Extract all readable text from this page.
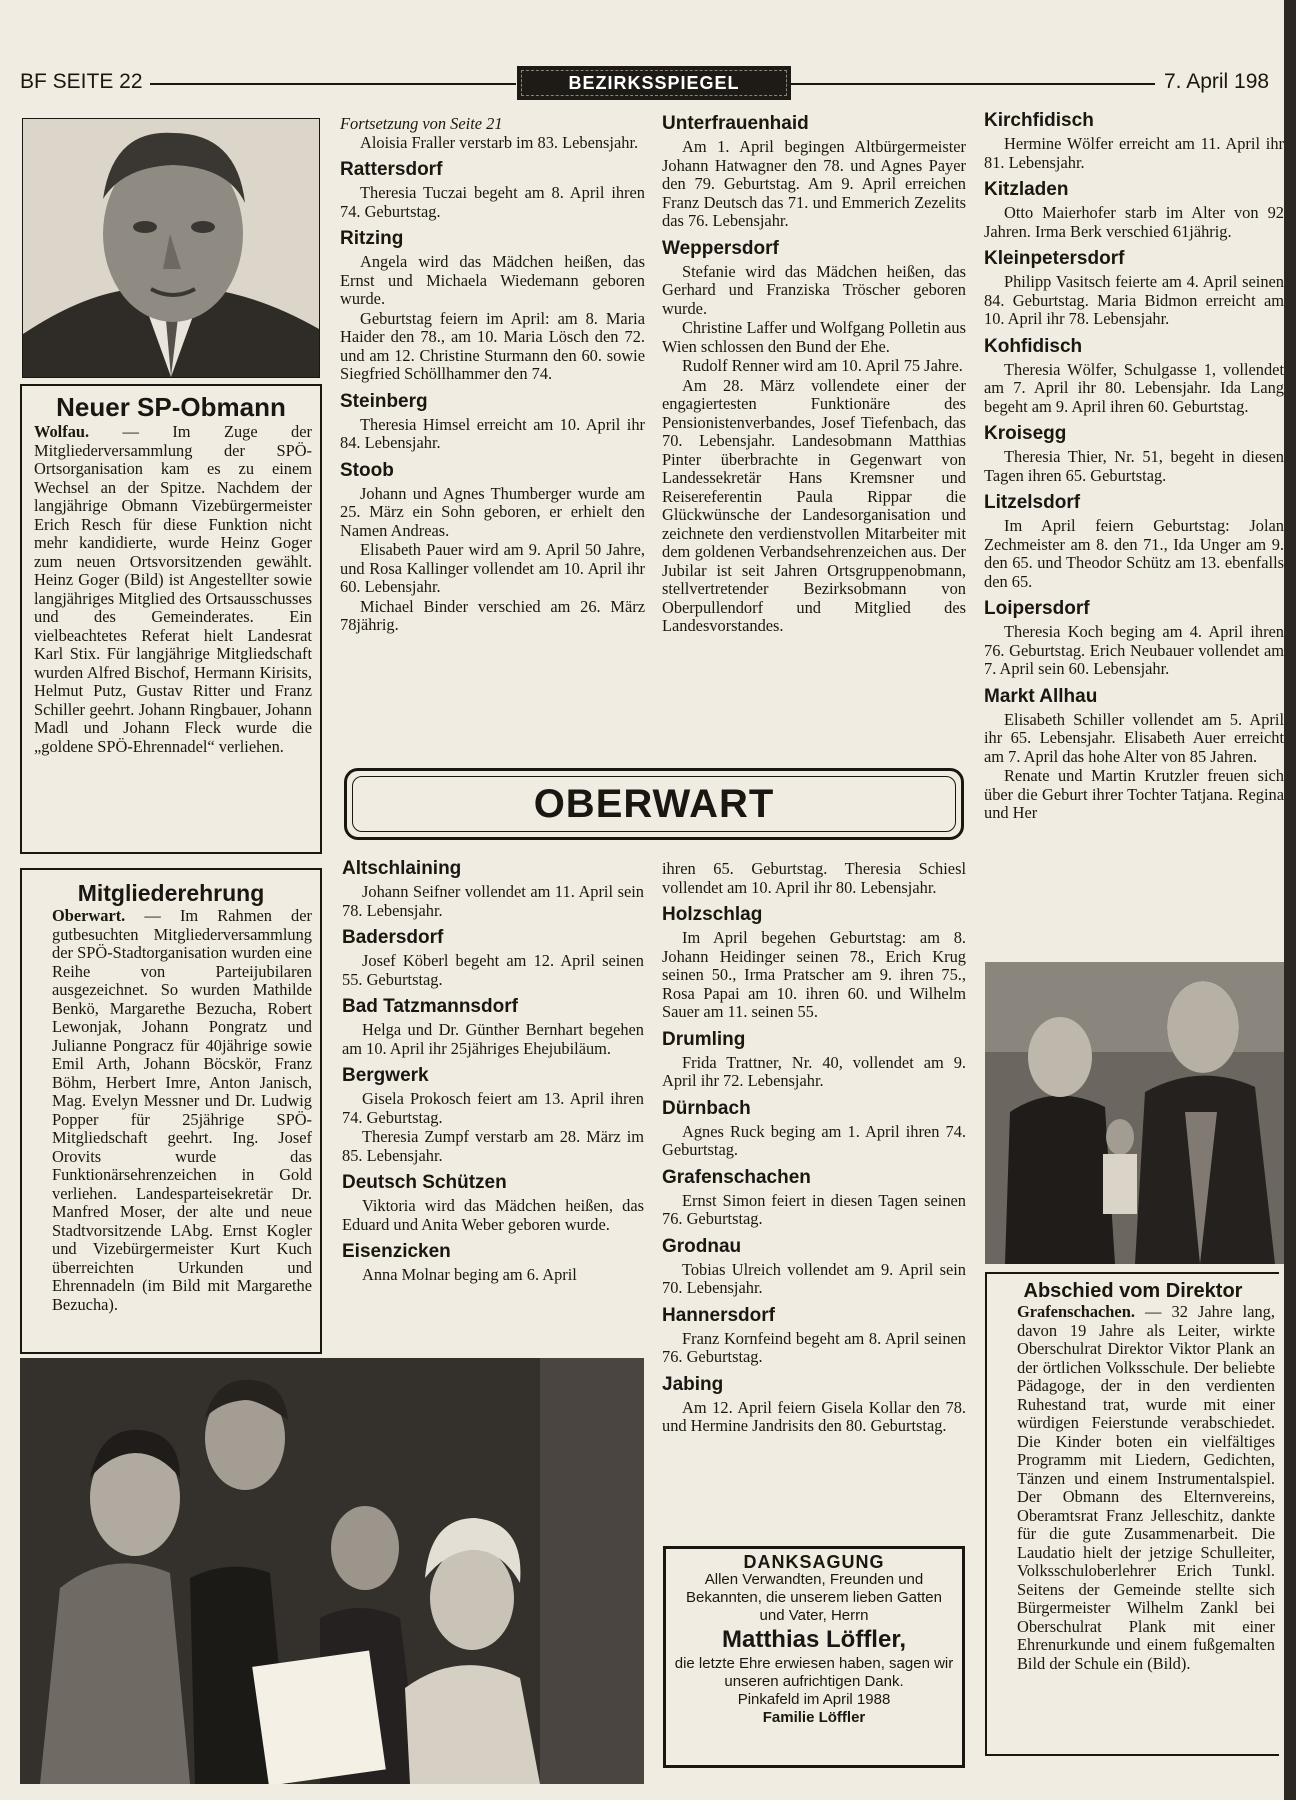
BF SEITE 22	BEZIRKSSPIEGEL	7. April 198
Neuer SP-Obmann
Wolfau. — Im Zuge der Mitgliederversammlung der SPÖ-Ortsorganisation kam es zu einem Wechsel an der Spitze. Nachdem der langjährige Obmann Vizebürgermeister Erich Resch für diese Funktion nicht mehr kandidierte, wurde Heinz Goger zum neuen Ortsvorsitzenden gewählt. Heinz Goger (Bild) ist Angestellter sowie langjähriges Mitglied des Ortsausschusses und des Gemeinderates. Ein vielbeachtetes Referat hielt Landesrat Karl Stix. Für langjährige Mitgliedschaft wurden Alfred Bischof, Hermann Kirisits, Helmut Putz, Gustav Ritter und Franz Schiller geehrt. Johann Ringbauer, Johann Madl und Johann Fleck wurde die „goldene SPÖ-Ehrennadel“ verliehen.
Mitgliederehrung
Oberwart. — Im Rahmen der gutbesuchten Mitgliederversammlung der SPÖ-Stadtorganisation wurden eine Reihe von Parteijubilaren ausgezeichnet. So wurden Mathilde Benkö, Margarethe Bezucha, Robert Lewonjak, Johann Pongratz und Julianne Pongracz für 40jährige sowie Emil Arth, Johann Böcskör, Franz Böhm, Herbert Imre, Anton Janisch, Mag. Evelyn Messner und Dr. Ludwig Popper für 25jährige SPÖ-Mitgliedschaft geehrt. Ing. Josef Orovits wurde das Funktionärsehrenzeichen in Gold verliehen. Landesparteisekretär Dr. Manfred Moser, der alte und neue Stadtvorsitzende LAbg. Ernst Kogler und Vizebürgermeister Kurt Kuch überreichten Urkunden und Ehrennadeln (im Bild mit Margarethe Bezucha).
Fortsetzung von Seite 21

Aloisia Fraller verstarb im 83. Lebensjahr.

Rattersdorf

Theresia Tuczai begeht am 8. April ihren 74. Geburtstag.

Ritzing

Angela wird das Mädchen heißen, das Ernst und Michaela Wiedemann geboren wurde.

Geburtstag feiern im April: am 8. Maria Haider den 78., am 10. Maria Lösch den 72. und am 12. Christine Sturmann den 60. sowie Siegfried Schöllhammer den 74.

Steinberg

Theresia Himsel erreicht am 10. April ihr 84. Lebensjahr.

Stoob

Johann und Agnes Thumberger wurde am 25. März ein Sohn geboren, er erhielt den Namen Andreas.

Elisabeth Pauer wird am 9. April 50 Jahre, und Rosa Kallinger vollendet am 10. April ihr 60. Lebensjahr.

Michael Binder verschied am 26. März 78jährig.

Unterfrauenhaid

Am 1. April begingen Altbürgermeister Johann Hatwagner den 78. und Agnes Payer den 79. Geburtstag. Am 9. April erreichen Franz Deutsch das 71. und Emmerich Zezelits das 76. Lebensjahr.

Weppersdorf

Stefanie wird das Mädchen heißen, das Gerhard und Franziska Tröscher geboren wurde.

Christine Laffer und Wolfgang Polletin aus Wien schlossen den Bund der Ehe.

Rudolf Renner wird am 10. April 75 Jahre.

Am 28. März vollendete einer der engagiertesten Funktionäre des Pensionistenverbandes, Josef Tiefenbach, das 70. Lebensjahr. Landesobmann Matthias Pinter überbrachte in Gegenwart von Landessekretär Hans Kremsner und Reisereferentin Paula Rippar die Glückwünsche der Landesorganisation und zeichnete den verdienstvollen Mitarbeiter mit dem goldenen Verbandsehrenzeichen aus. Der Jubilar ist seit Jahren Ortsgruppenobmann, stellvertretender Bezirksobmann von Oberpullendorf und Mitglied des Landesvorstandes.

OBERWART
Altschlaining

Johann Seifner vollendet am 11. April sein 78. Lebensjahr.

Badersdorf

Josef Köberl begeht am 12. April seinen 55. Geburtstag.

Bad Tatzmannsdorf

Helga und Dr. Günther Bernhart begehen am 10. April ihr 25jähriges Ehejubiläum.

Bergwerk

Gisela Prokosch feiert am 13. April ihren 74. Geburtstag.

Theresia Zumpf verstarb am 28. März im 85. Lebensjahr.

Deutsch Schützen

Viktoria wird das Mädchen heißen, das Eduard und Anita Weber geboren wurde.

Eisenzicken

Anna Molnar beging am 6. April

ihren 65. Geburtstag. Theresia Schiesl vollendet am 10. April ihr 80. Lebensjahr.

Holzschlag

Im April begehen Geburtstag: am 8. Johann Heidinger seinen 78., Erich Krug seinen 50., Irma Pratscher am 9. ihren 75., Rosa Papai am 10. ihren 60. und Wilhelm Sauer am 11. seinen 55.

Drumling

Frida Trattner, Nr. 40, vollendet am 9. April ihr 72. Lebensjahr.

Dürnbach

Agnes Ruck beging am 1. April ihren 74. Geburtstag.

Grafenschachen

Ernst Simon feiert in diesen Tagen seinen 76. Geburtstag.

Grodnau

Tobias Ulreich vollendet am 9. April sein 70. Lebensjahr.

Hannersdorf

Franz Kornfeind begeht am 8. April seinen 76. Geburtstag.

Jabing

Am 12. April feiern Gisela Kollar den 78. und Hermine Jandrisits den 80. Geburtstag.

DANKSAGUNG
Allen Verwandten, Freunden und Bekannten, die unserem lieben Gatten und Vater, Herrn
Matthias Löffler,
die letzte Ehre erwiesen haben, sagen wir unseren aufrichtigen Dank.
Pinkafeld im April 1988
Familie Löffler
Kirchfidisch

Hermine Wölfer erreicht am 11. April ihr 81. Lebensjahr.

Kitzladen

Otto Maierhofer starb im Alter von 92 Jahren. Irma Berk verschied 61jährig.

Kleinpetersdorf

Philipp Vasitsch feierte am 4. April seinen 84. Geburtstag. Maria Bidmon erreicht am 10. April ihr 78. Lebensjahr.

Kohfidisch

Theresia Wölfer, Schulgasse 1, vollendet am 7. April ihr 80. Lebensjahr. Ida Lang begeht am 9. April ihren 60. Geburtstag.

Kroisegg

Theresia Thier, Nr. 51, begeht in diesen Tagen ihren 65. Geburtstag.

Litzelsdorf

Im April feiern Geburtstag: Jolan Zechmeister am 8. den 71., Ida Unger am 9. den 65. und Theodor Schütz am 13. ebenfalls den 65.

Loipersdorf

Theresia Koch beging am 4. April ihren 76. Geburtstag. Erich Neubauer vollendet am 7. April sein 60. Lebensjahr.

Markt Allhau

Elisabeth Schiller vollendet am 5. April ihr 65. Lebensjahr. Elisabeth Auer erreicht am 7. April das hohe Alter von 85 Jahren.

Renate und Martin Krutzler freuen sich über die Geburt ihrer Tochter Tatjana. Regina und Her

Abschied vom Direktor
Grafenschachen. — 32 Jahre lang, davon 19 Jahre als Leiter, wirkte Oberschulrat Direktor Viktor Plank an der örtlichen Volksschule. Der beliebte Pädagoge, der in den verdienten Ruhestand trat, wurde mit einer würdigen Feierstunde verabschiedet. Die Kinder boten ein vielfältiges Programm mit Liedern, Gedichten, Tänzen und einem Instrumentalspiel. Der Obmann des Elternvereins, Oberamtsrat Franz Jelleschitz, dankte für die gute Zusammenarbeit. Die Laudatio hielt der jetzige Schulleiter, Volksschuloberlehrer Erich Tunkl. Seitens der Gemeinde stellte sich Bürgermeister Wilhelm Zankl bei Oberschulrat Plank mit einer Ehrenurkunde und einem fußgemalten Bild der Schule ein (Bild).
